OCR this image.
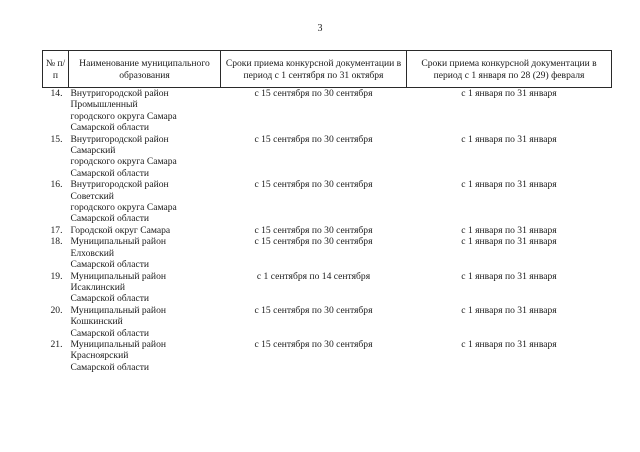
3
№ п/п	Наименование муниципального образования	Сроки приема конкурсной документации в период с 1 сентября по 31 октября	Сроки приема конкурсной документации в период с 1 января по 28 (29) февраля
14.	Внутригородской район
Промышленный
городского округа Самара
Самарской области	с 15 сентября по 30 сентября	с 1 января по 31 января
15.	Внутригородской район
Самарский
городского округа Самара
Самарской области	с 15 сентября по 30 сентября	с 1 января по 31 января
16.	Внутригородской район
Советский
городского округа Самара
Самарской области	с 15 сентября по 30 сентября	с 1 января по 31 января
17.	Городской округ Самара	с 15 сентября по 30 сентября	с 1 января по 31 января
18.	Муниципальный район
Елховский
Самарской области	с 15 сентября по 30 сентября	с 1 января по 31 января
19.	Муниципальный район
Исаклинский
Самарской области	с 1 сентября по 14 сентября	с 1 января по 31 января
20.	Муниципальный район
Кошкинский
Самарской области	с 15 сентября по 30 сентября	с 1 января по 31 января
21.	Муниципальный район
Красноярский
Самарской области	с 15 сентября по 30 сентября	с 1 января по 31 января
